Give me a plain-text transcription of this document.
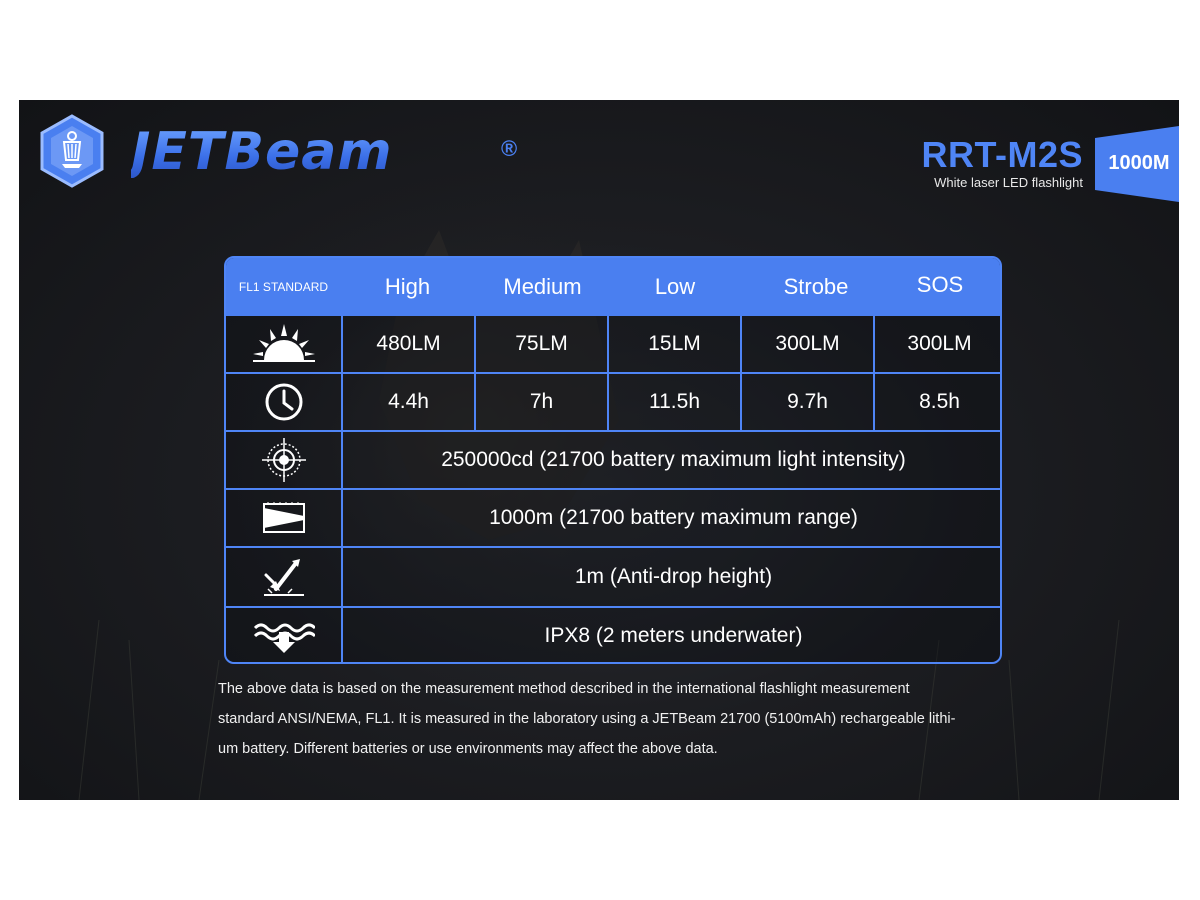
JETBeam	®	RRT-M2S
White laser LED flashlight
1000M
FL1 STANDARD	High	Medium	Low	Strobe	SOS
480LM	75LM	15LM	300LM	300LM
4.4h	7h	11.5h	9.7h	8.5h
250000cd (21700 battery maximum light intensity)
1000m (21700 battery maximum range)
1m (Anti-drop height)
IPX8 (2 meters underwater)
The above data is based on the measurement method described in the international flashlight measurement
standard ANSI/NEMA, FL1. It is measured in the laboratory using a JETBeam 21700 (5100mAh) rechargeable lithi-
um battery. Different batteries or use environments may affect the above data.
